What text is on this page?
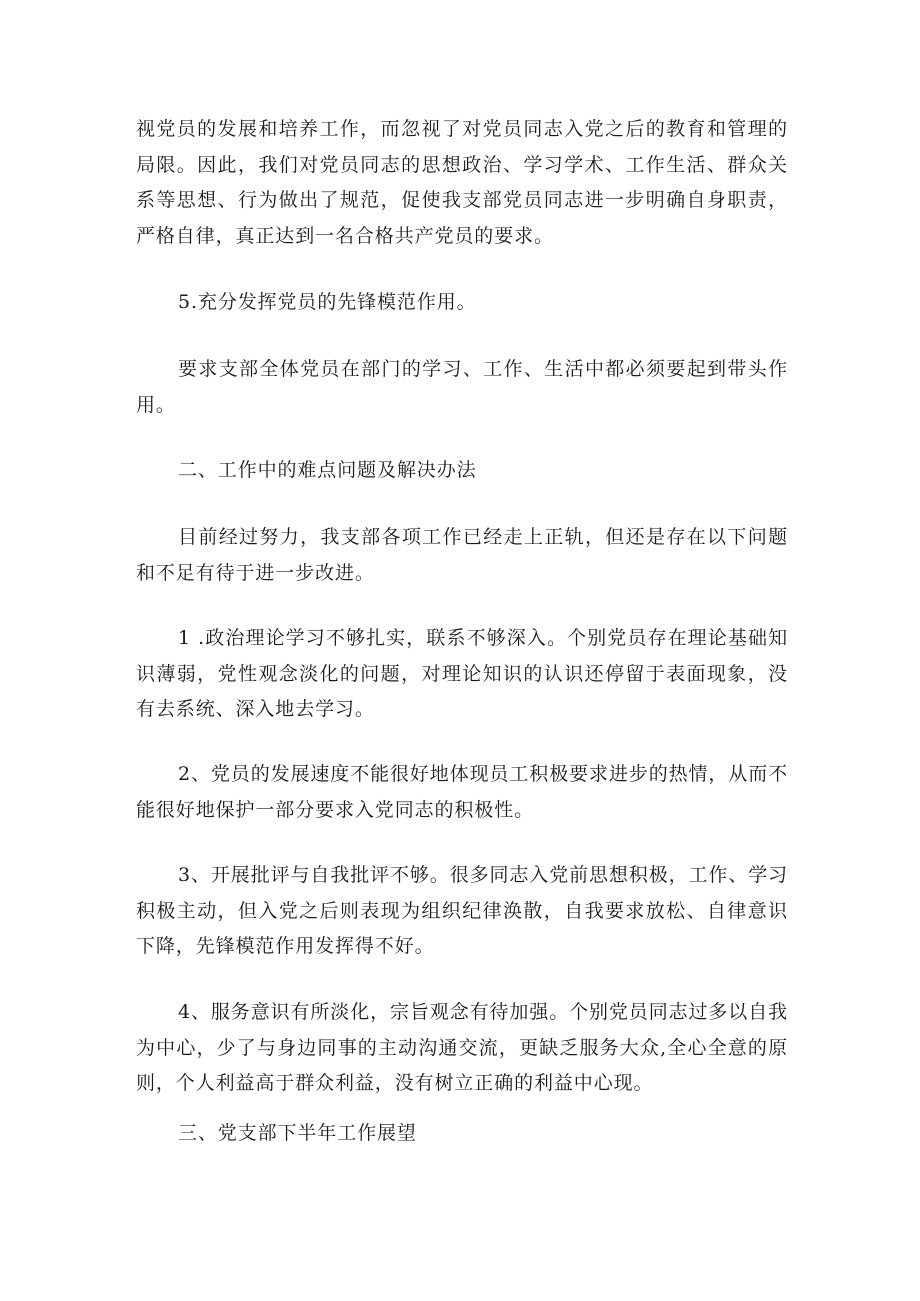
视党员的发展和培养工作，而忽视了对党员同志入党之后的教育和管理的局限。因此，我们对党员同志的思想政治、学习学术、工作生活、群众关系等思想、行为做出了规范，促使我支部党员同志进一步明确自身职责，严格自律，真正达到一名合格共产党员的要求。

5.充分发挥党员的先锋模范作用。

要求支部全体党员在部门的学习、工作、生活中都必须要起到带头作用。

二、工作中的难点问题及解决办法

目前经过努力，我支部各项工作已经走上正轨，但还是存在以下问题和不足有待于进一步改进。

1 .政治理论学习不够扎实，联系不够深入。个别党员存在理论基础知识薄弱，党性观念淡化的问题，对理论知识的认识还停留于表面现象，没有去系统、深入地去学习。

2、党员的发展速度不能很好地体现员工积极要求进步的热情，从而不能很好地保护一部分要求入党同志的积极性。

3、开展批评与自我批评不够。很多同志入党前思想积极，工作、学习积极主动，但入党之后则表现为组织纪律涣散，自我要求放松、自律意识下降，先锋模范作用发挥得不好。

4、服务意识有所淡化，宗旨观念有待加强。个别党员同志过多以自我为中心，少了与身边同事的主动沟通交流，更缺乏服务大众,全心全意的原则，个人利益高于群众利益，没有树立正确的利益中心现。

三、党支部下半年工作展望
